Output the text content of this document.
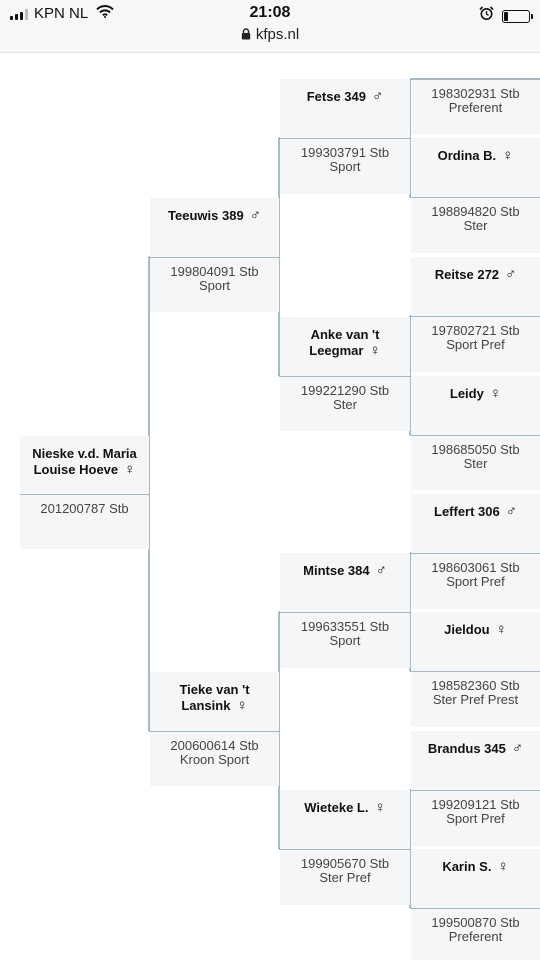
KPN NL	21:08
kfps.nl
Nieske v.d. Maria Louise Hoeve ♀
201200787 Stb
Teeuwis 389 ♂
199804091 Stb
Sport
Tieke van 't Lansink ♀
200600614 Stb
Kroon Sport
Fetse 349 ♂
199303791 Stb
Sport
Anke van 't Leegmar ♀
199221290 Stb
Ster
Mintse 384 ♂
199633551 Stb
Sport
Wieteke L. ♀
199905670 Stb
Ster Pref
198302931 Stb
Preferent
Ordina B. ♀
198894820 Stb
Ster
Reitse 272 ♂
197802721 Stb
Sport Pref
Leidy ♀
198685050 Stb
Ster
Leffert 306 ♂
198603061 Stb
Sport Pref
Jieldou ♀
198582360 Stb
Ster Pref Prest
Brandus 345 ♂
199209121 Stb
Sport Pref
Karin S. ♀
199500870 Stb
Preferent
